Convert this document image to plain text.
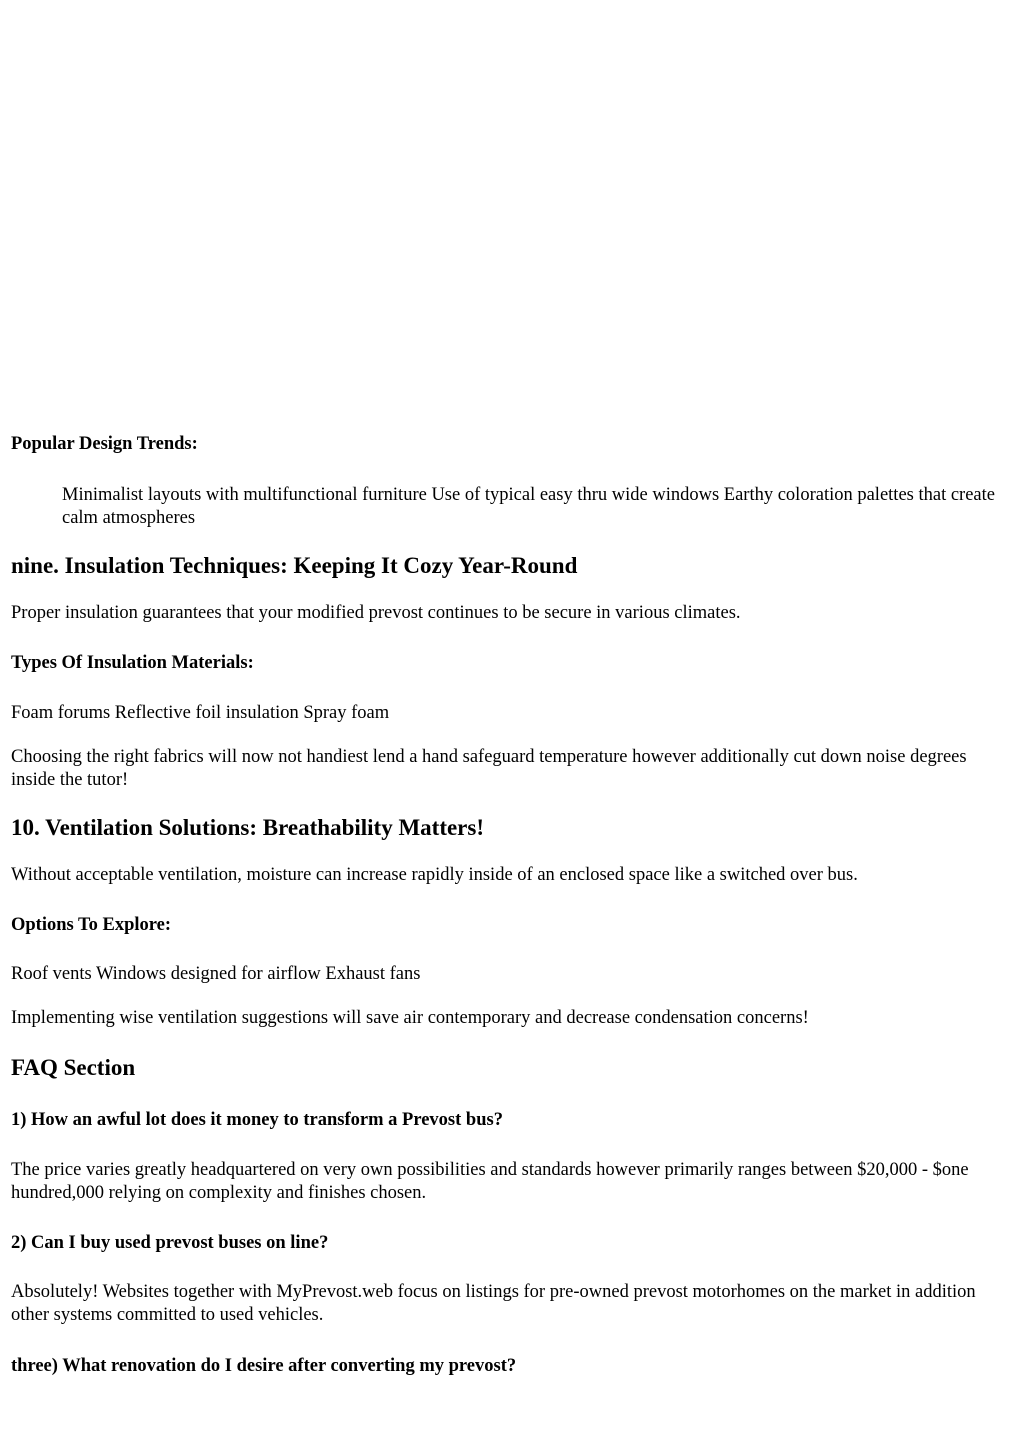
Popular Design Trends:

Minimalist layouts with multifunctional furniture Use of typical easy thru wide windows Earthy coloration palettes that create calm atmospheres

nine. Insulation Techniques: Keeping It Cozy Year-Round

Proper insulation guarantees that your modified prevost continues to be secure in various climates.

Types Of Insulation Materials:

Foam forums Reflective foil insulation Spray foam

Choosing the right fabrics will now not handiest lend a hand safeguard temperature however additionally cut down noise degrees inside the tutor!

10. Ventilation Solutions: Breathability Matters!

Without acceptable ventilation, moisture can increase rapidly inside of an enclosed space like a switched over bus.

Options To Explore:

Roof vents Windows designed for airflow Exhaust fans

Implementing wise ventilation suggestions will save air contemporary and decrease condensation concerns!

FAQ Section
1) How an awful lot does it money to transform a Prevost bus?

The price varies greatly headquartered on very own possibilities and standards however primarily ranges between $20,000 - $one hundred,000 relying on complexity and finishes chosen.

2) Can I buy used prevost buses on line?

Absolutely! Websites together with MyPrevost.web focus on listings for pre-owned prevost motorhomes on the market in addition other systems committed to used vehicles.

three) What renovation do I desire after converting my prevost?
